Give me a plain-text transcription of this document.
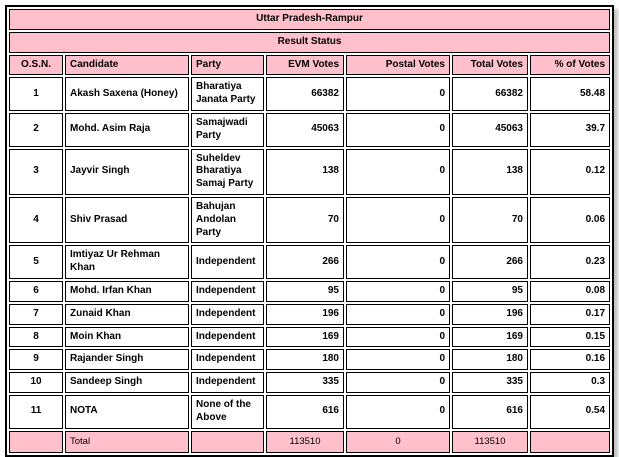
Uttar Pradesh-Rampur						
Result Status						
O.S.N.	Candidate	Party	EVM Votes	Postal Votes	Total Votes	% of Votes
1	Akash Saxena (Honey)	Bharatiya Janata Party	66382	0	66382	58.48
2	Mohd. Asim Raja	Samajwadi Party	45063	0	45063	39.7
3	Jayvir Singh	Suheldev Bharatiya Samaj Party	138	0	138	0.12
4	Shiv Prasad	Bahujan Andolan Party	70	0	70	0.06
5	Imtiyaz Ur Rehman Khan	Independent	266	0	266	0.23
6	Mohd. Irfan Khan	Independent	95	0	95	0.08
7	Zunaid Khan	Independent	196	0	196	0.17
8	Moin Khan	Independent	169	0	169	0.15
9	Rajander Singh	Independent	180	0	180	0.16
10	Sandeep Singh	Independent	335	0	335	0.3
11	NOTA	None of the Above	616	0	616	0.54
	Total		113510	0	113510	
